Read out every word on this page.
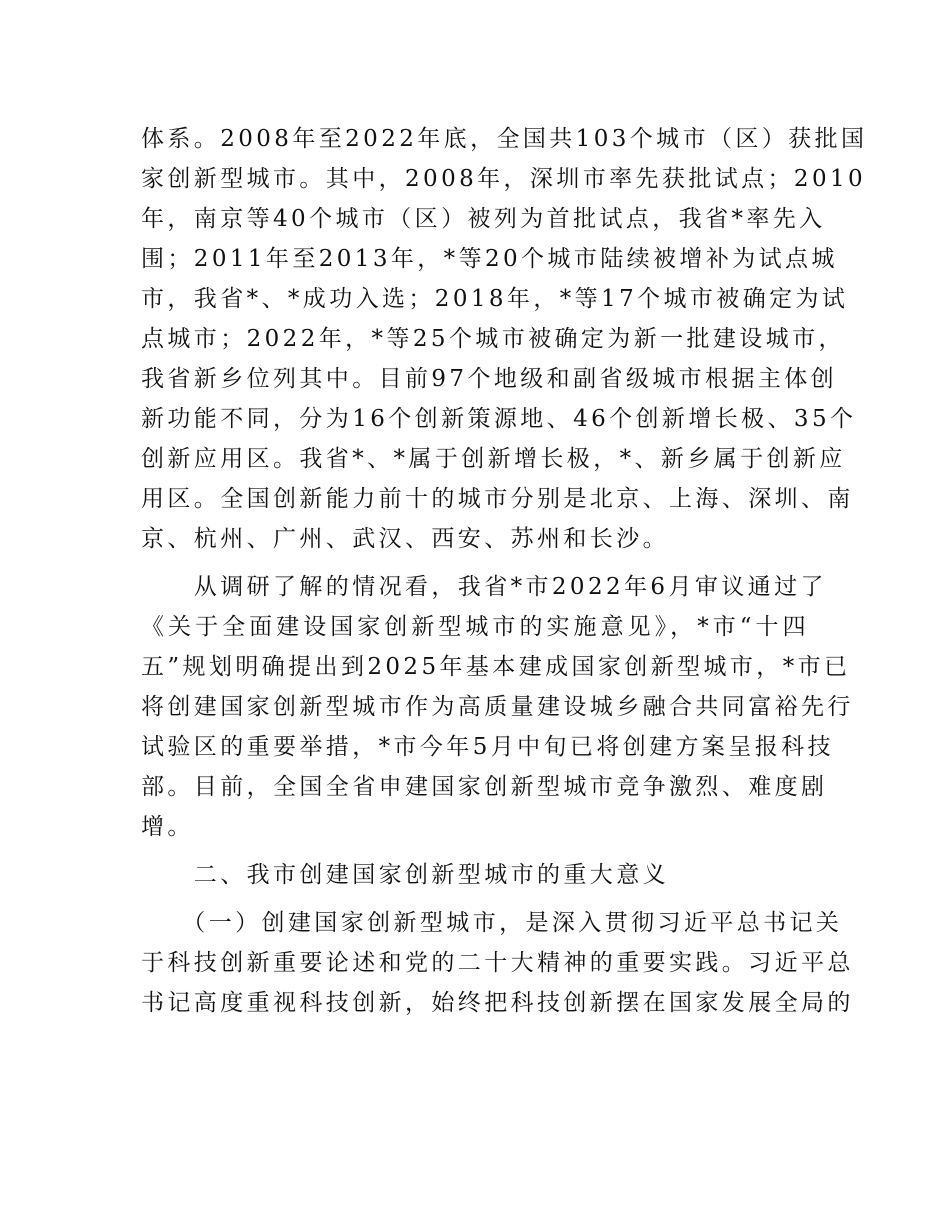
体系。2008年至2022年底，全国共103个城市（区）获批国
家创新型城市。其中，2008年，深圳市率先获批试点；2010
年，南京等40个城市（区）被列为首批试点，我省*率先入
围；2011年至2013年，*等20个城市陆续被增补为试点城
市，我省*、*成功入选；2018年，*等17个城市被确定为试
点城市；2022年，*等25个城市被确定为新一批建设城市，
我省新乡位列其中。目前97个地级和副省级城市根据主体创
新功能不同，分为16个创新策源地、46个创新增长极、35个
创新应用区。我省*、*属于创新增长极，*、新乡属于创新应
用区。全国创新能力前十的城市分别是北京、上海、深圳、南
京、杭州、广州、武汉、西安、苏州和长沙。
　　从调研了解的情况看，我省*市2022年6月审议通过了
《关于全面建设国家创新型城市的实施意见》，*市“十四
五”规划明确提出到2025年基本建成国家创新型城市，*市已
将创建国家创新型城市作为高质量建设城乡融合共同富裕先行
试验区的重要举措，*市今年5月中旬已将创建方案呈报科技
部。目前，全国全省申建国家创新型城市竞争激烈、难度剧
增。
　　二、我市创建国家创新型城市的重大意义
　　（一）创建国家创新型城市，是深入贯彻习近平总书记关
于科技创新重要论述和党的二十大精神的重要实践。习近平总
书记高度重视科技创新，始终把科技创新摆在国家发展全局的
